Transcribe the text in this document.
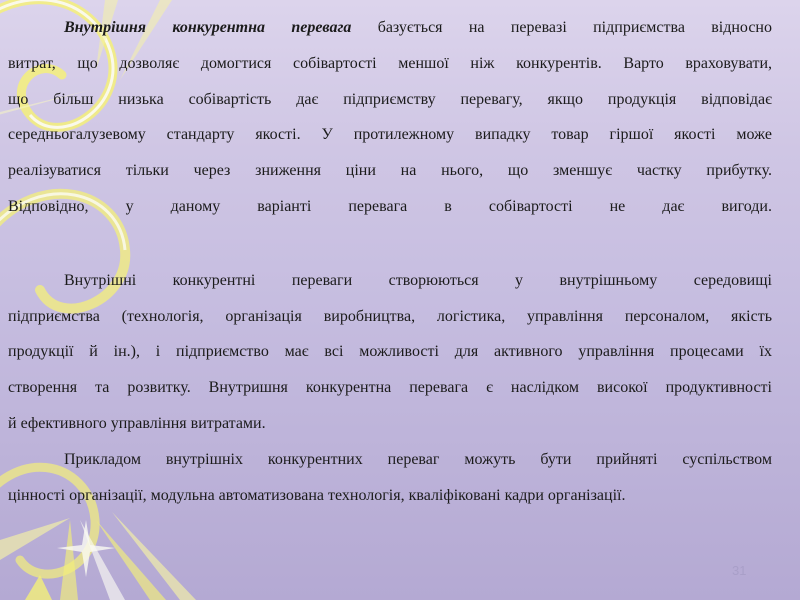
Внутрішня конкурентна перевага базується на перевазі підприємства відносно
витрат, що дозволяє домогтися собівартості меншої ніж конкурентів. Варто враховувати,
що більш низька собівартість дає підприємству перевагу, якщо продукція відповідає
середньогалузевому стандарту якості. У протилежному випадку товар гіршої якості може
реалізуватися тільки через зниження ціни на нього, що зменшує частку прибутку.
Відповідно, у даному варіанті перевага в собівартості не дає вигоди.
Внутрішні конкурентні переваги створюються у внутрішньому середовищі
підприємства (технологія, організація виробництва, логістика, управління персоналом, якість
продукції й ін.), і підприємство має всі можливості для активного управління процесами їх
створення та розвитку. Внутришня конкурентна перевага є наслідком високої продуктивності
й ефективного управління витратами.
Прикладом внутрішніх конкурентних переваг можуть бути прийняті суспільством
цінності організації, модульна автоматизована технологія, кваліфіковані кадри організації.
31
